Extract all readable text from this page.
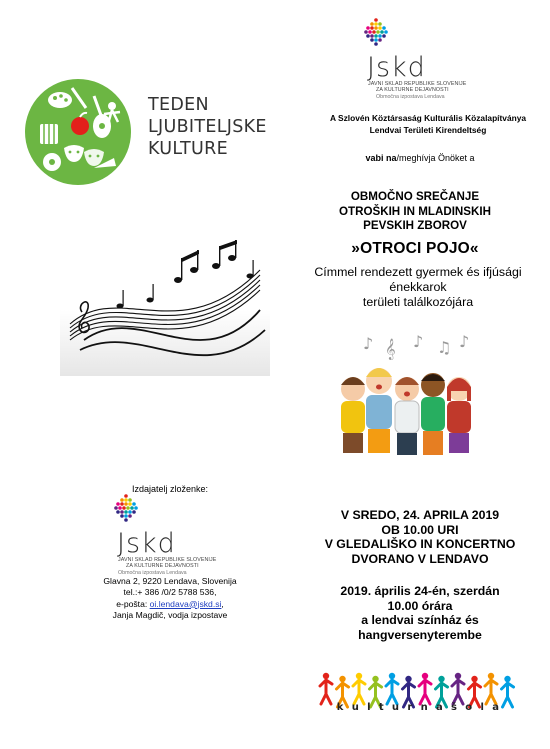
TEDEN
LJUBITELJSKE
KULTURE
Jskd
JAVNI SKLAD REPUBLIKE SLOVENIJE
ZA KULTURNE DEJAVNOSTI
Območna izpostava Lendava
A Szlovén Köztársaság Kulturális Közalapítványa
Lendvai Területi Kirendeltség
vabi na/meghívja Önöket a
OBMOČNO SREČANJE
OTROŠKIH IN MLADINSKIH
PEVSKIH ZBOROV
»OTROCI POJO«
Címmel rendezett gyermek és ifjúsági
énekkarok
területi találkozójára
♪ 𝄞 ♪ ♫ ♪
V SREDO, 24. APRILA 2019
OB 10.00 URI
V GLEDALIŠKO IN KONCERTNO
DVORANO V LENDAVO
2019. április 24-én, szerdán
10.00 órára
a lendvai színház és
hangversenyterembe
Izdajatelj zloženke:
Jskd
JAVNI SKLAD REPUBLIKE SLOVENIJE
ZA KULTURNE DEJAVNOSTI
Območna izpostava Lendava
Glavna 2, 9220 Lendava, Slovenija
tel.:+ 386 /0/2 5788 536,
e-pošta: oi.lendava@jskd.si,
Janja Magdič, vodja izpostave
kulturnašola
